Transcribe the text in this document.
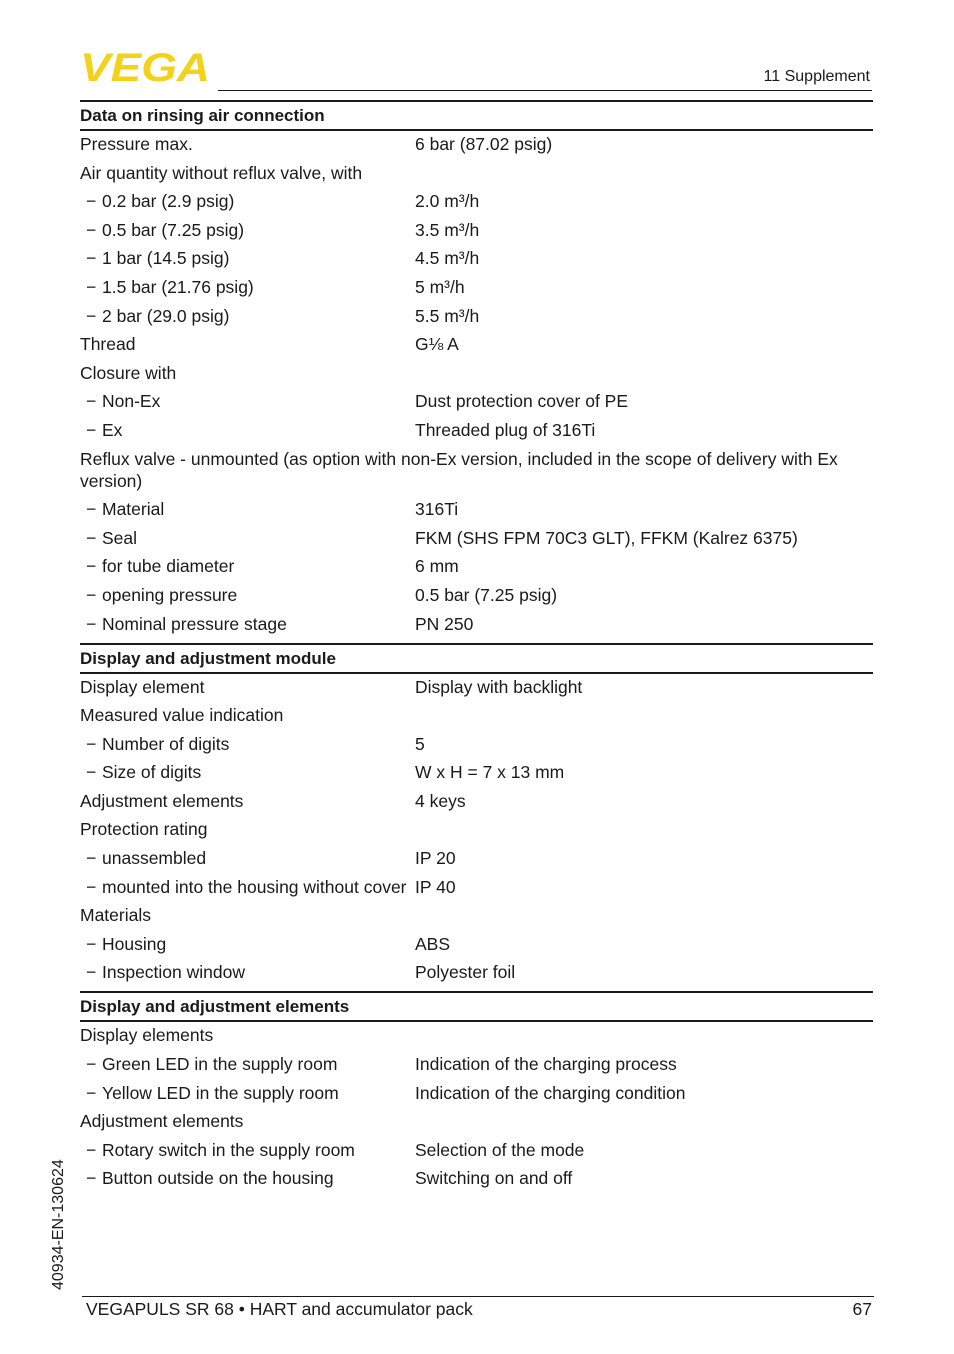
VEGA	11 Supplement
Data on rinsing air connection
Pressure max.	6 bar (87.02 psig)
Air quantity without reflux valve, with
− 0.2 bar (2.9 psig)	2.0 m³/h
− 0.5 bar (7.25 psig)	3.5 m³/h
− 1 bar (14.5 psig)	4.5 m³/h
− 1.5 bar (21.76 psig)	5 m³/h
− 2 bar (29.0 psig)	5.5 m³/h
Thread	G⅛ A
Closure with
− Non-Ex	Dust protection cover of PE
− Ex	Threaded plug of 316Ti
Reflux valve - unmounted (as option with non-Ex version, included in the scope of delivery with Ex version)
− Material	316Ti
− Seal	FKM (SHS FPM 70C3 GLT), FFKM (Kalrez 6375)
− for tube diameter	6 mm
− opening pressure	0.5 bar (7.25 psig)
− Nominal pressure stage	PN 250
Display and adjustment module
Display element	Display with backlight
Measured value indication
− Number of digits	5
− Size of digits	W x H = 7 x 13 mm
Adjustment elements	4 keys
Protection rating
− unassembled	IP 20
− mounted into the housing without cover IP 40
Materials
− Housing	ABS
− Inspection window	Polyester foil
Display and adjustment elements
Display elements
− Green LED in the supply room	Indication of the charging process
− Yellow LED in the supply room	Indication of the charging condition
Adjustment elements
− Rotary switch in the supply room	Selection of the mode
− Button outside on the housing	Switching on and off
40934-EN-130624
VEGAPULS SR 68 • HART and accumulator pack	67
